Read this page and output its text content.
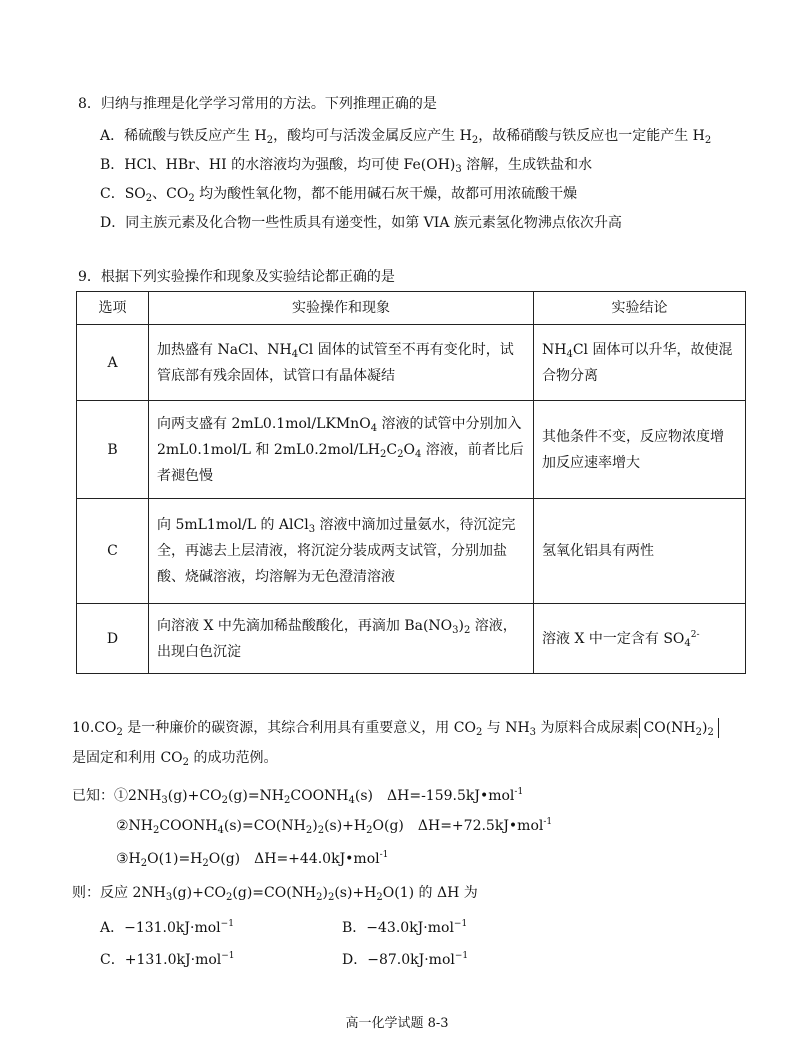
8．归纳与推理是化学学习常用的方法。下列推理正确的是
A．稀硫酸与铁反应产生 $H_2$，酸均可与活泼金属反应产生 $H_2$，故稀硝酸与铁反应也一定能产生 $H_2$
B．HCl、HBr、HI 的水溶液均为强酸，均可使 $Fe(OH)_3$ 溶解，生成铁盐和水
C．$SO_2$、$CO_2$ 均为酸性氧化物，都不能用碱石灰干燥，故都可用浓硫酸干燥
D．同主族元素及化合物一些性质具有递变性，如第 VIA 族元素氢化物沸点依次升高
9．根据下列实验操作和现象及实验结论都正确的是
选项	实验操作和现象	实验结论
A	加热盛有 NaCl、$NH_4Cl$ 固体的试管至不再有变化时，试管底部有残余固体，试管口有晶体凝结	$NH_4Cl$ 固体可以升华，故使混合物分离
B	向两支盛有 2mL0.1mol/LKMnO$_4$ 溶液的试管中分别加入 2mL0.1mol/L 和 $2mL0.2mol/LH_2C_2O_4$ 溶液，前者比后者褪色慢	其他条件不变，反应物浓度增加反应速率增大
C	向 5mL1mol/L 的 AlCl$_3$ 溶液中滴加过量氨水，待沉淀完全，再滤去上层清液，将沉淀分装成两支试管，分别加盐酸、烧碱溶液，均溶解为无色澄清溶液	氢氧化铝具有两性
D	向溶液 X 中先滴加稀盐酸酸化，再滴加 $Ba(NO_3)_2$ 溶液，出现白色沉淀	溶液 X 中一定含有 $SO_4^{2-}$
$10.CO_2$ 是一种廉价的碳资源，其综合利用具有重要意义，用 $CO_2$ 与 $NH_3$ 为原料合成尿素 $CO(NH_2)_2$
是固定和利用 $CO_2$ 的成功范例。
已知：$①2NH_3(g)+CO_2(g)=NH_2COONH_4(s)$　ΔH=-159.5kJ•mol$^{-1}$
$②NH_2COONH_4(s)=CO(NH_2)_2(s)+H_2O(g)$　ΔH=+72.5kJ•mol$^{-1}$
$③H_2O(1)=H_2O(g)$　ΔH=+44.0kJ•mol$^{-1}$
则：反应 $2NH_3(g)+CO_2(g)=CO(NH_2)_2(s)+H_2O(1)$ 的 ΔH 为
A．−131.0kJ·mol$^{-1}$	B．−43.0kJ·mol$^{-1}$
C．+131.0kJ·mol$^{-1}$	D．−87.0kJ·mol$^{-1}$
高一化学试题 8-3
